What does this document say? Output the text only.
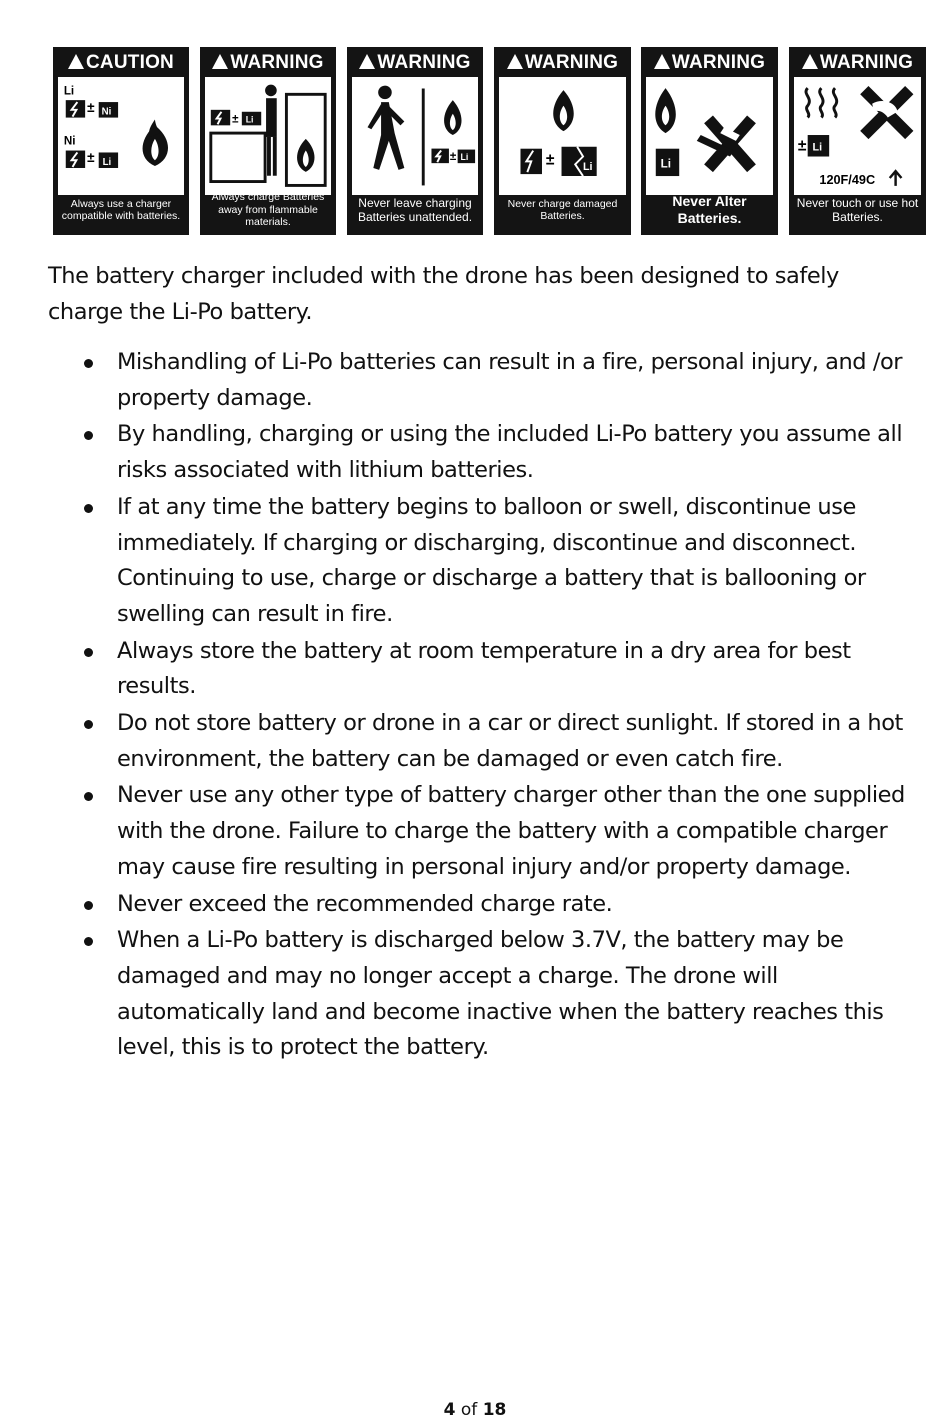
CAUTION
Li
± Ni
Ni
± Li
Always use a charger compatible with batteries.
WARNING
± Li
Always charge Batteries away from flammable materials.
WARNING
± Li
Never leave charging Batteries unattended.
WARNING
±	Li
Never charge damaged Batteries.
WARNING
Li
Never Alter Batteries.
WARNING
± Li
120F/49C
Never touch or use hot Batteries.
The battery charger included with the drone has been designed to safely charge the Li-Po battery.
Mishandling of Li-Po batteries can result in a fire, personal injury, and /or property damage.
By handling, charging or using the included Li-Po battery you assume all risks associated with lithium batteries.
If at any time the battery begins to balloon or swell, discontinue use immediately. If charging or discharging, discontinue and disconnect. Continuing to use, charge or discharge a battery that is ballooning or swelling can result in fire.
Always store the battery at room temperature in a dry area for best results.
Do not store battery or drone in a car or direct sunlight. If stored in a hot environment, the battery can be damaged or even catch fire.
Never use any other type of battery charger other than the one supplied with the drone. Failure to charge the battery with a compatible charger may cause fire resulting in personal injury and/or property damage.
Never exceed the recommended charge rate.
When a Li-Po battery is discharged below 3.7V, the battery may be damaged and may no longer accept a charge. The drone will automatically land and become inactive when the battery reaches this level, this is to protect the battery.
4 of 18
